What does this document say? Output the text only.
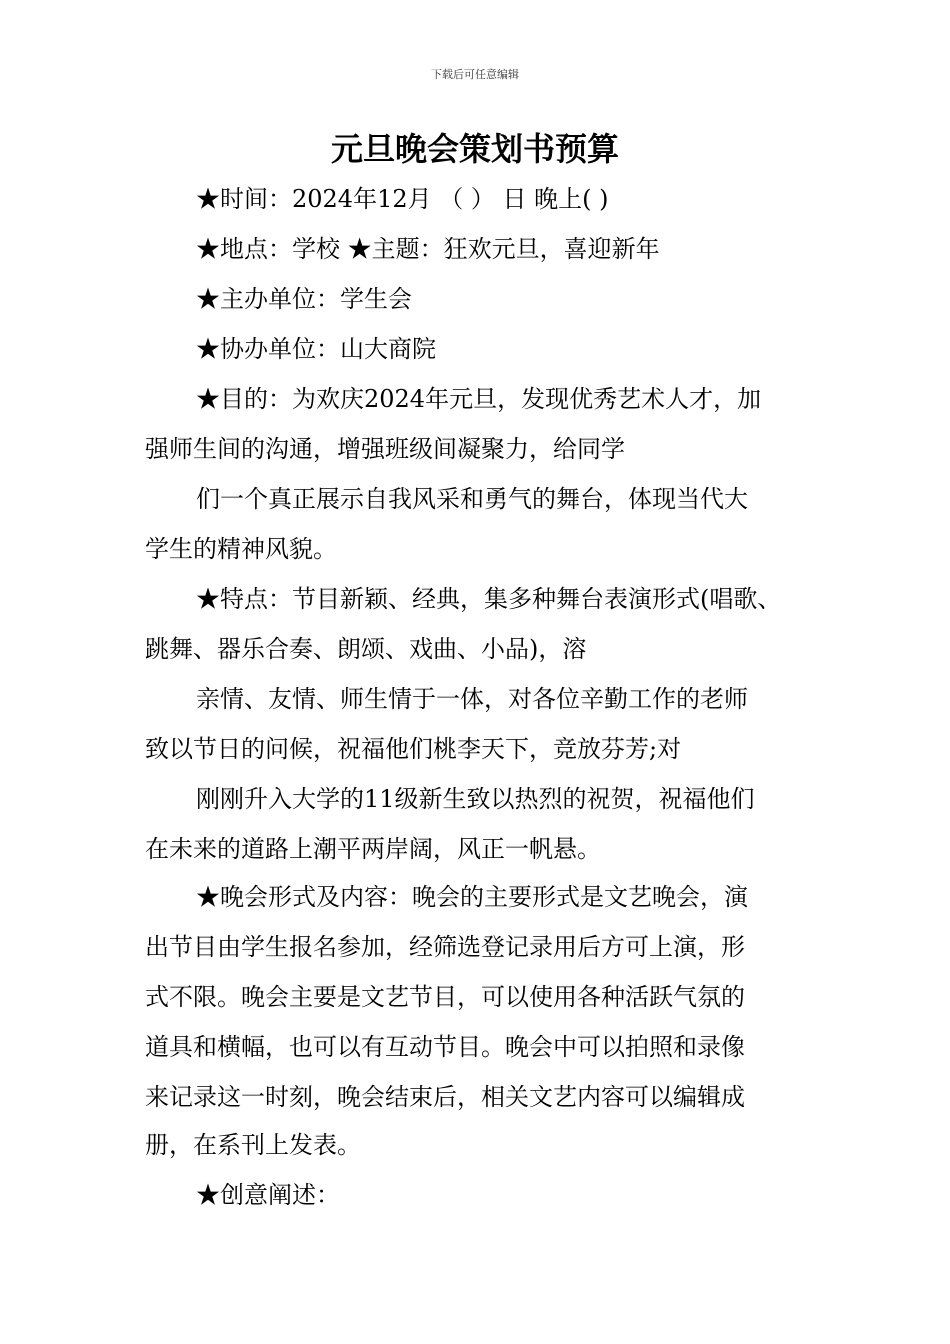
下载后可任意编辑
元旦晚会策划书预算
★时间：2024年12月 （ ） 日 晚上( )
★地点：学校 ★主题：狂欢元旦，喜迎新年
★主办单位：学生会
★协办单位：山大商院
★目的：为欢庆2024年元旦，发现优秀艺术人才，加
强师生间的沟通，增强班级间凝聚力，给同学
们一个真正展示自我风采和勇气的舞台，体现当代大
学生的精神风貌。
★特点：节目新颖、经典，集多种舞台表演形式(唱歌、
跳舞、器乐合奏、朗颂、戏曲、小品)，溶
亲情、友情、师生情于一体，对各位辛勤工作的老师
致以节日的问候，祝福他们桃李天下，竞放芬芳;对
刚刚升入大学的11级新生致以热烈的祝贺，祝福他们
在未来的道路上潮平两岸阔，风正一帆悬。
★晚会形式及内容：晚会的主要形式是文艺晚会，演
出节目由学生报名参加，经筛选登记录用后方可上演，形
式不限。晚会主要是文艺节目，可以使用各种活跃气氛的
道具和横幅，也可以有互动节目。晚会中可以拍照和录像
来记录这一时刻，晚会结束后，相关文艺内容可以编辑成
册，在系刊上发表。
★创意阐述：
